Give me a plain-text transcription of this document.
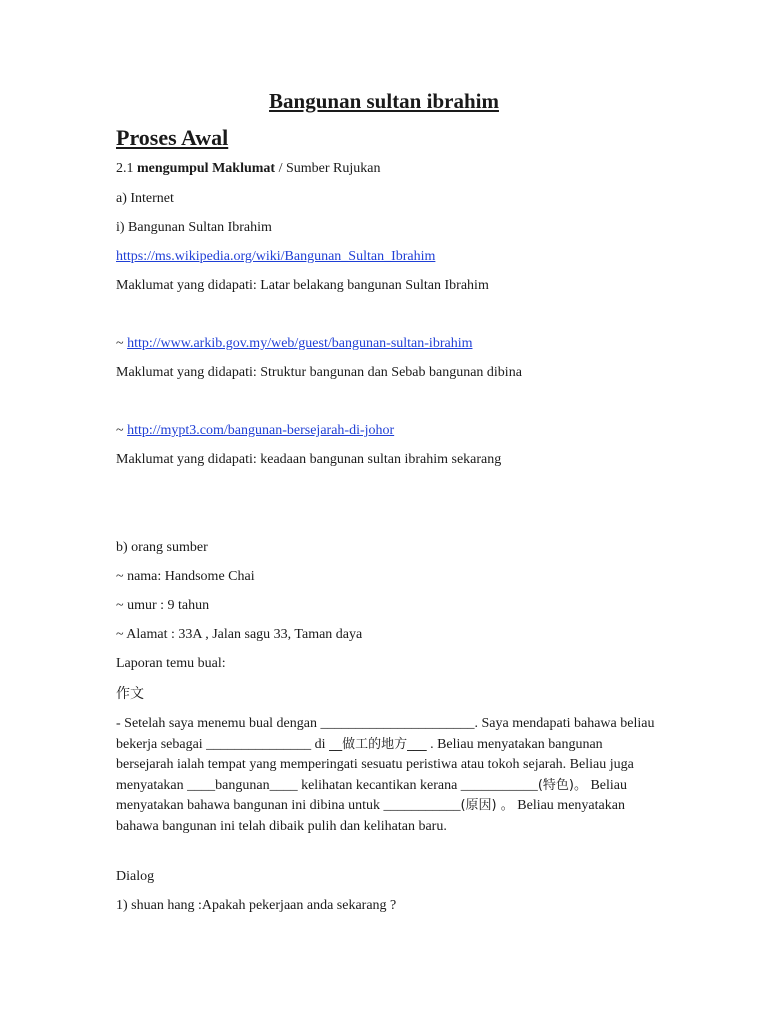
Bangunan sultan ibrahim
Proses Awal
2.1 mengumpul Maklumat / Sumber Rujukan
a) Internet
i) Bangunan Sultan Ibrahim
https://ms.wikipedia.org/wiki/Bangunan_Sultan_Ibrahim
Maklumat yang didapati: Latar belakang bangunan Sultan Ibrahim
~ http://www.arkib.gov.my/web/guest/bangunan-sultan-ibrahim
Maklumat yang didapati: Struktur bangunan dan Sebab bangunan dibina
~ http://mypt3.com/bangunan-bersejarah-di-johor
Maklumat yang didapati: keadaan bangunan sultan ibrahim sekarang
b) orang sumber
~ nama: Handsome Chai
~ umur : 9 tahun
~ Alamat : 33A , Jalan sagu 33, Taman daya
Laporan temu bual:
作文
- Setelah saya menemu bual dengan ______________________. Saya mendapati bahawa beliau bekerja sebagai _______________ di __做工的地方___ . Beliau menyatakan bangunan bersejarah ialah tempat yang memperingati sesuatu peristiwa atau tokoh sejarah. Beliau juga menyatakan ____bangunan____ kelihatan kecantikan kerana ___________(特色)。 Beliau menyatakan bahawa bangunan ini dibina untuk ___________(原因) 。 Beliau menyatakan bahawa bangunan ini telah dibaik pulih dan kelihatan baru.
Dialog
1) shuan hang :Apakah pekerjaan anda sekarang ?
